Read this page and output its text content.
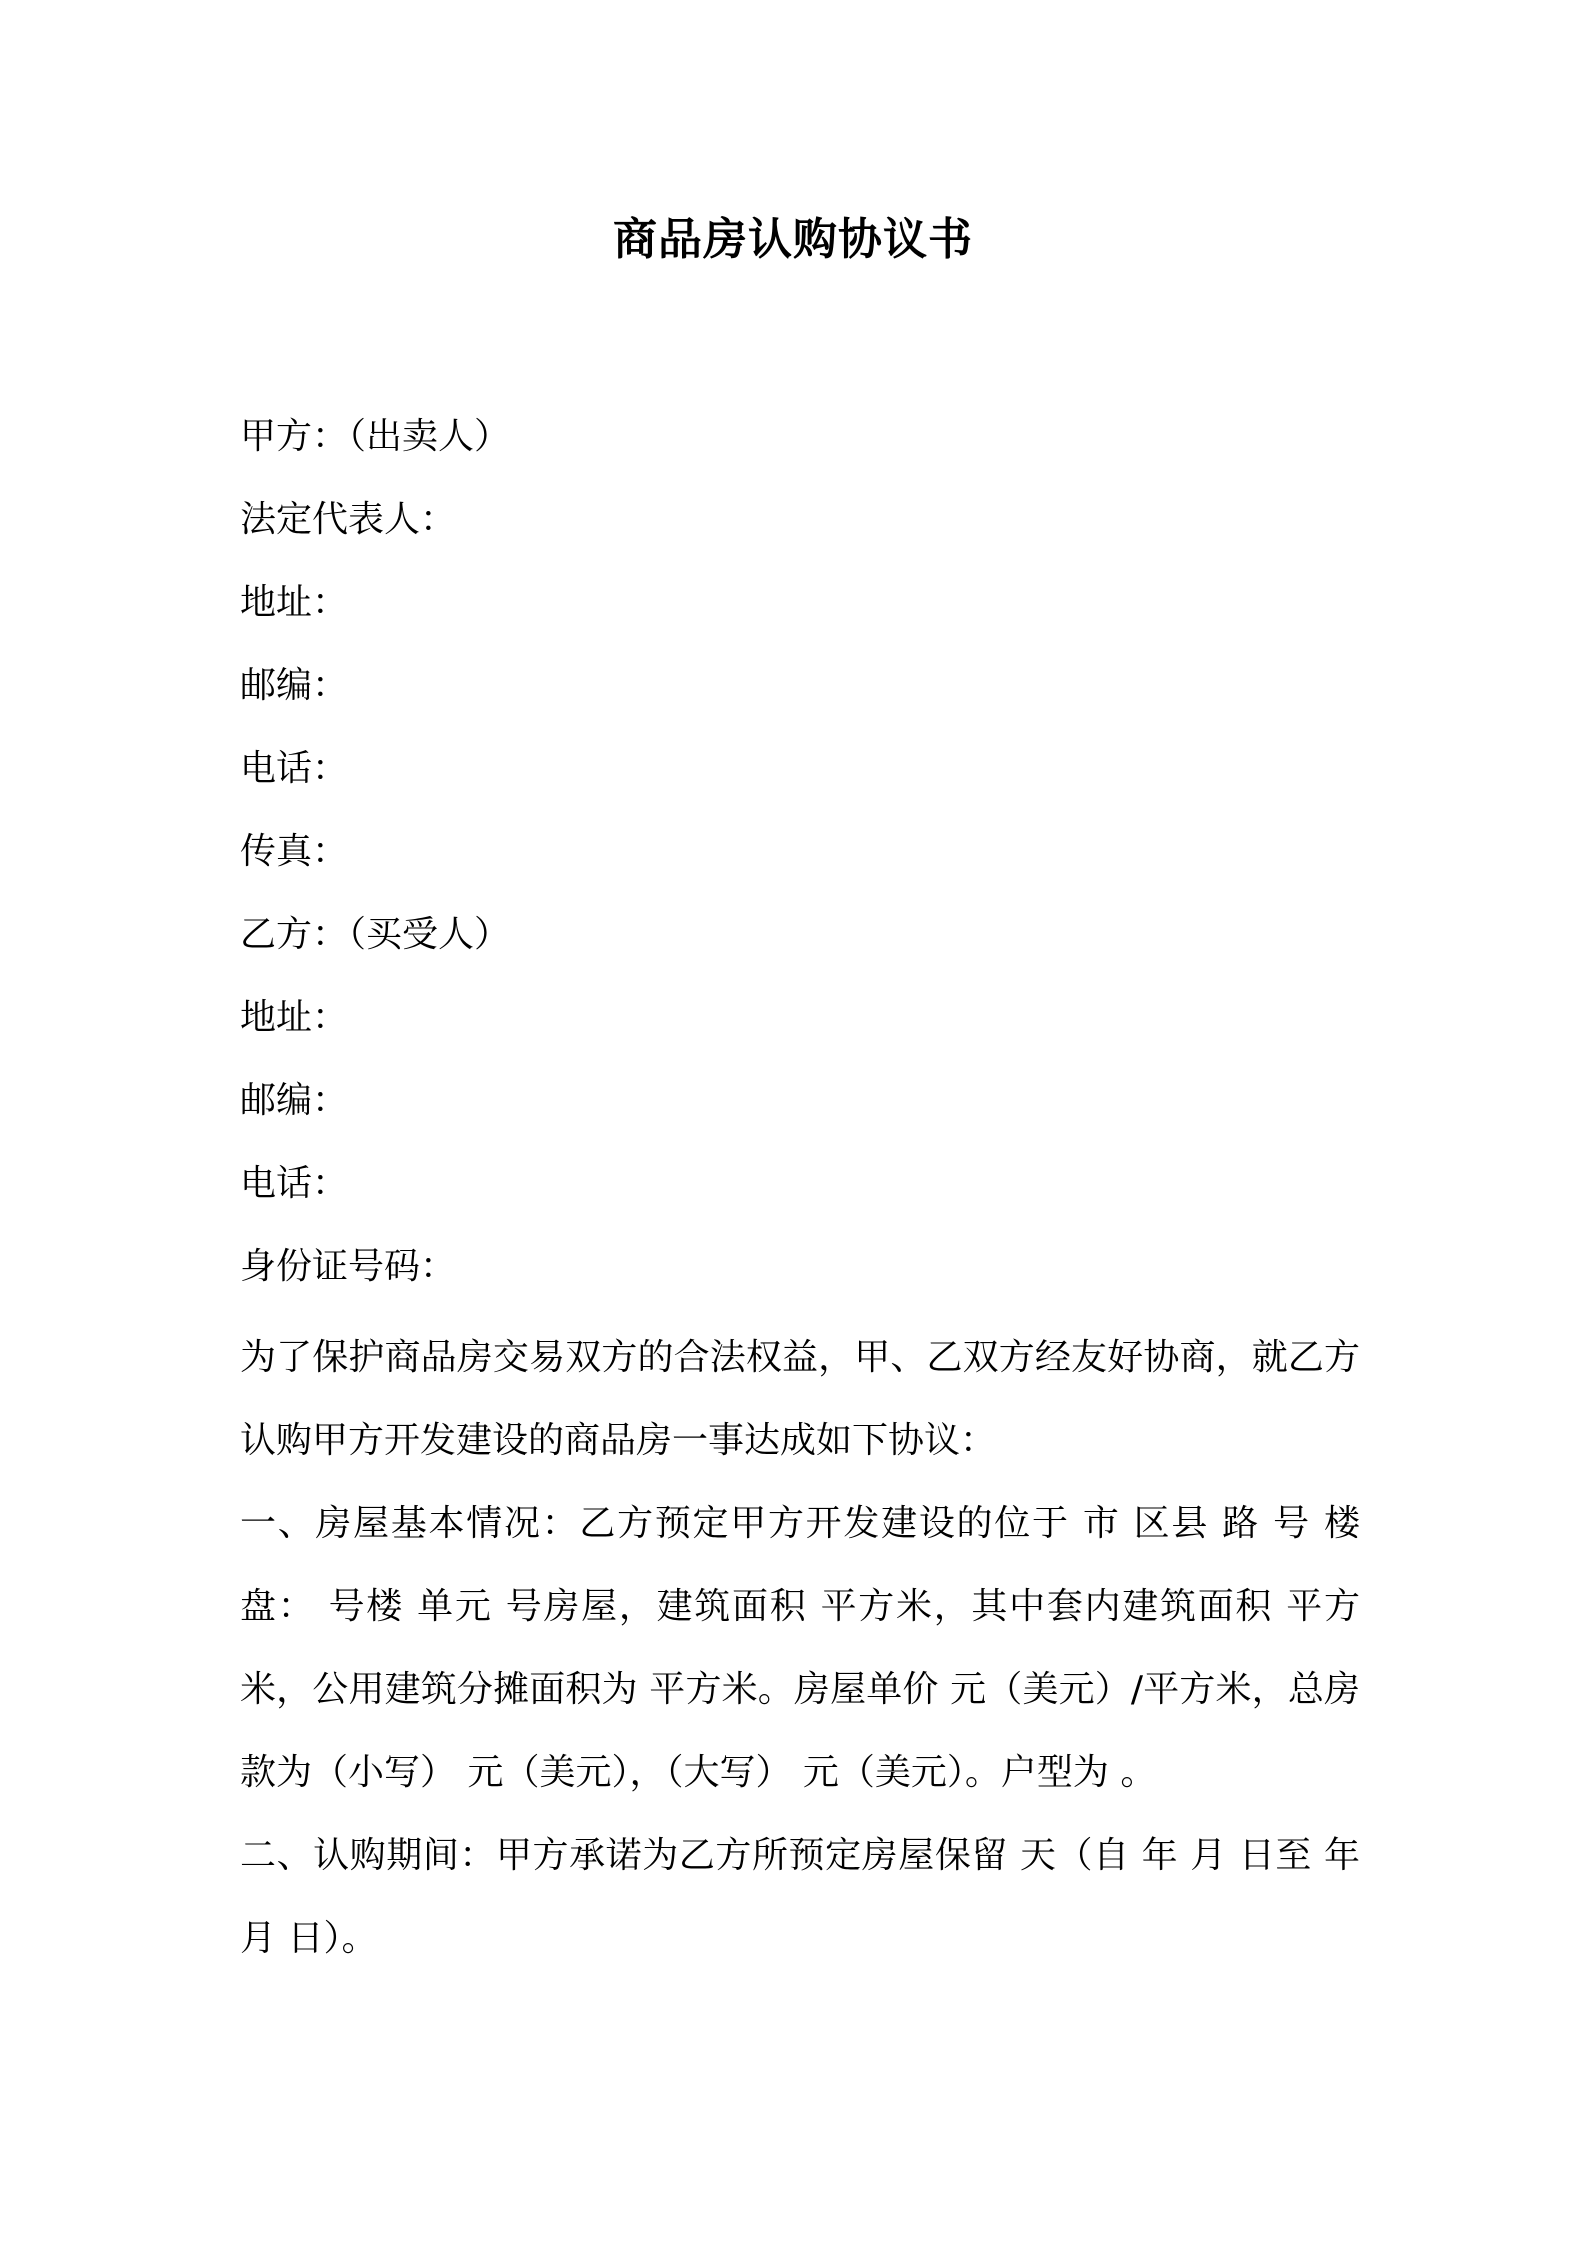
商品房认购协议书

甲方：（出卖人）

法定代表人：

地址：

邮编：

电话：

传真：

乙方：（买受人）

地址：

邮编：

电话：

身份证号码：

为了保护商品房交易双方的合法权益，甲、乙双方经友好协商，就乙方认购甲方开发建设的商品房一事达成如下协议：

一、房屋基本情况：乙方预定甲方开发建设的位于 市 区县 路 号 楼盘： 号楼 单元 号房屋，建筑面积 平方米，其中套内建筑面积 平方米，公用建筑分摊面积为 平方米。房屋单价 元（美元）/平方米，总房款为（小写） 元（美元），（大写） 元（美元）。户型为 。

二、认购期间：甲方承诺为乙方所预定房屋保留 天（自 年 月 日至 年 月 日）。
